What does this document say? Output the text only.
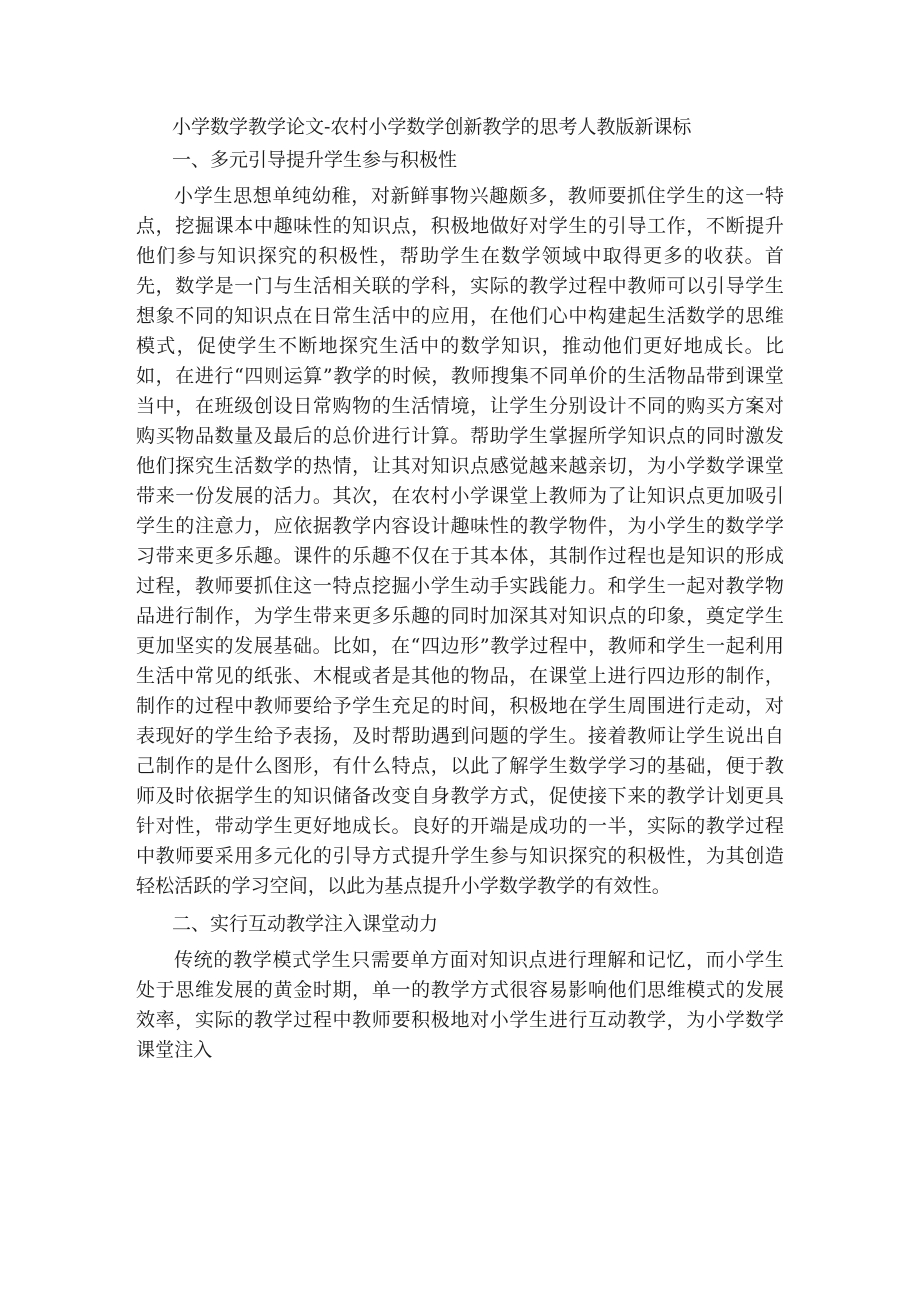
小学数学教学论文-农村小学数学创新教学的思考人教版新课标
一、多元引导提升学生参与积极性

小学生思想单纯幼稚，对新鲜事物兴趣颇多，教师要抓住学生的这一特点，挖掘课本中趣味性的知识点，积极地做好对学生的引导工作，不断提升他们参与知识探究的积极性，帮助学生在数学领域中取得更多的收获。首先，数学是一门与生活相关联的学科，实际的教学过程中教师可以引导学生想象不同的知识点在日常生活中的应用，在他们心中构建起生活数学的思维模式，促使学生不断地探究生活中的数学知识，推动他们更好地成长。比如，在进行“四则运算”教学的时候，教师搜集不同单价的生活物品带到课堂当中，在班级创设日常购物的生活情境，让学生分别设计不同的购买方案对购买物品数量及最后的总价进行计算。帮助学生掌握所学知识点的同时激发他们探究生活数学的热情，让其对知识点感觉越来越亲切，为小学数学课堂带来一份发展的活力。其次，在农村小学课堂上教师为了让知识点更加吸引学生的注意力，应依据教学内容设计趣味性的教学物件，为小学生的数学学习带来更多乐趣。课件的乐趣不仅在于其本体，其制作过程也是知识的形成过程，教师要抓住这一特点挖掘小学生动手实践能力。和学生一起对教学物品进行制作，为学生带来更多乐趣的同时加深其对知识点的印象，奠定学生更加坚实的发展基础。比如，在“四边形”教学过程中，教师和学生一起利用生活中常见的纸张、木棍或者是其他的物品，在课堂上进行四边形的制作，制作的过程中教师要给予学生充足的时间，积极地在学生周围进行走动，对表现好的学生给予表扬，及时帮助遇到问题的学生。接着教师让学生说出自己制作的是什么图形，有什么特点，以此了解学生数学学习的基础，便于教师及时依据学生的知识储备改变自身教学方式，促使接下来的教学计划更具针对性，带动学生更好地成长。良好的开端是成功的一半，实际的教学过程中教师要采用多元化的引导方式提升学生参与知识探究的积极性，为其创造轻松活跃的学习空间，以此为基点提升小学数学教学的有效性。

二、实行互动教学注入课堂动力

传统的教学模式学生只需要单方面对知识点进行理解和记忆，而小学生处于思维发展的黄金时期，单一的教学方式很容易影响他们思维模式的发展效率，实际的教学过程中教师要积极地对小学生进行互动教学，为小学数学课堂注入
